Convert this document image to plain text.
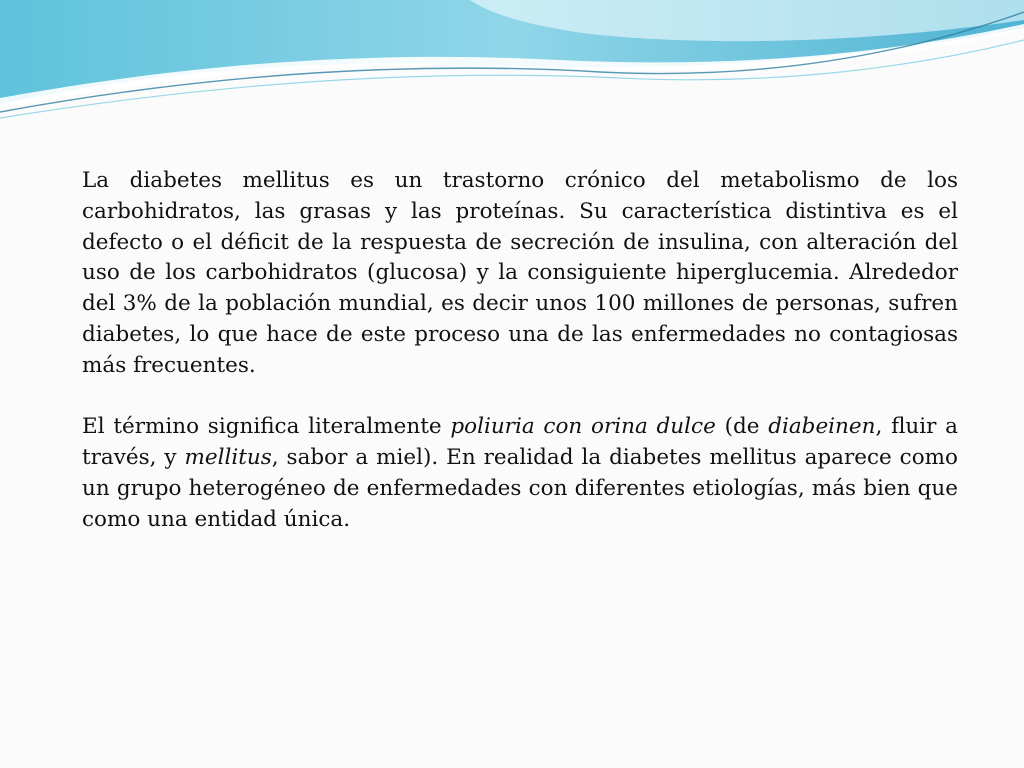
La diabetes mellitus es un trastorno crónico del metabolismo de los carbohidratos, las grasas y las proteínas. Su característica distintiva es el defecto o el déficit de la respuesta de secreción de insulina, con alteración del uso de los carbohidratos (glucosa) y la consiguiente hiperglucemia. Alrededor del 3% de la población mundial, es decir unos 100 millones de personas, sufren diabetes, lo que hace de este proceso una de las enfermedades no contagiosas más frecuentes.

El término significa literalmente poliuria con orina dulce (de diabeinen, fluir a través, y mellitus, sabor a miel). En realidad la diabetes mellitus aparece como un grupo heterogéneo de enfermedades con diferentes etiologías, más bien que como una entidad única.
